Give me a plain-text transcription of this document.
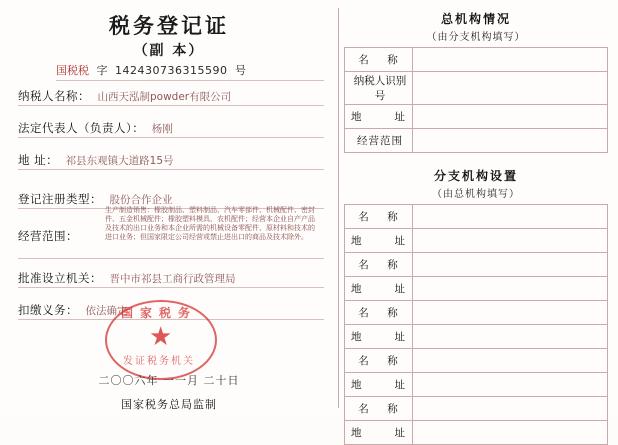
税务登记证
（副 本）
国税税 字 142430736315590 号
纳税人名称： 山西天泓制powder有限公司
法定代表人（负责人）： 杨刚
地 址： 祁县东观镇大道路15号
登记注册类型： 股份合作企业
经营范围：
生产制造销售：橡胶制品、塑料制品、汽车零部件、机械配件、密封件、五金机械配件；橡胶塑料模具、农机配件；经营本企业自产产品及技术的出口业务和本企业所需的机械设备零配件、原材料和技术的进口业务；但国家限定公司经营或禁止进出口的商品及技术除外。
批准设立机关： 晋中市祁县工商行政管理局
扣缴义务： 依法确定
国家税务
★
发证税务机关
二〇〇六年 一一月 二十日
国家税务总局监制
总机构情况
（由分支机构填写）
名　称	
纳税人识别号	
地　　址	
经营范围	
分支机构设置
（由总机构填写）
名　称	
地　　址	
名　称	
地　　址	
名　称	
地　　址	
名　称	
地　　址	
名　称	
地　　址	
